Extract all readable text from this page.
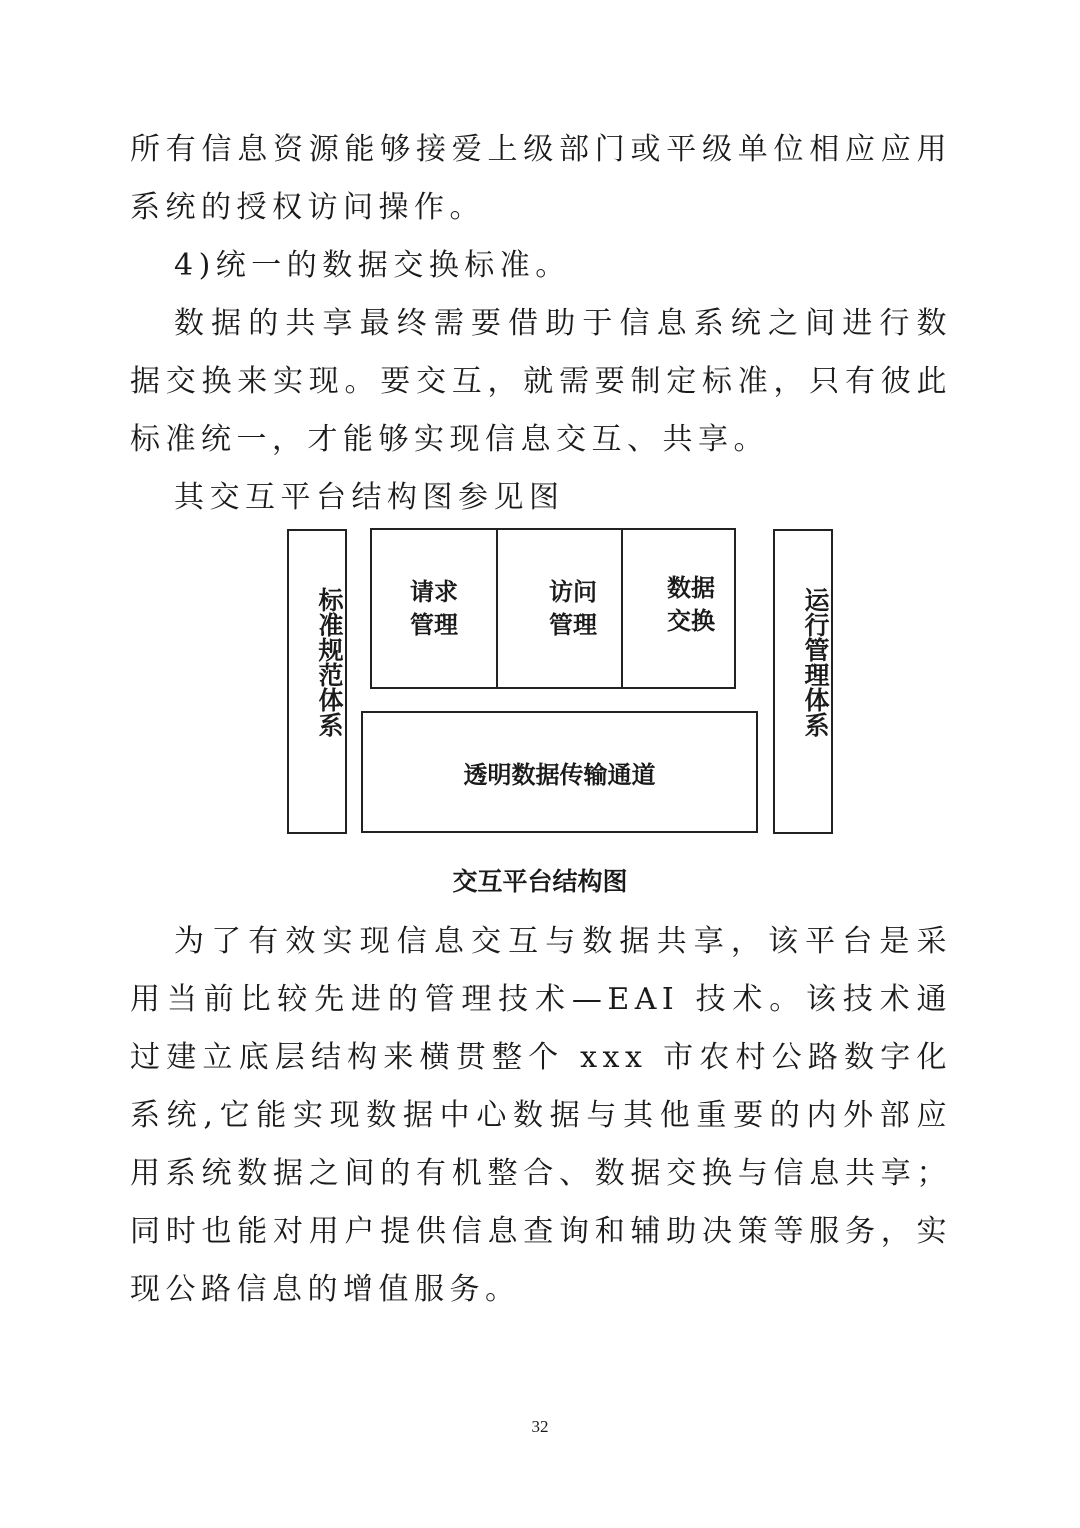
所有信息资源能够接爱上级部门或平级单位相应应用系统的授权访问操作。

4)统一的数据交换标准。

数据的共享最终需要借助于信息系统之间进行数据交换来实现。要交互，就需要制定标准，只有彼此标准统一，才能够实现信息交互、共享。

其交互平台结构图参见图

标准规范体系	请求管理
访问管理
数据交换
透明数据传输通道
运行管理体系
交互平台结构图

为了有效实现信息交互与数据共享，该平台是采用当前比较先进的管理技术—EAI 技术。该技术通过建立底层结构来横贯整个 xxx 市农村公路数字化系统,它能实现数据中心数据与其他重要的内外部应用系统数据之间的有机整合、数据交换与信息共享；同时也能对用户提供信息查询和辅助决策等服务，实现公路信息的增值服务。

32
